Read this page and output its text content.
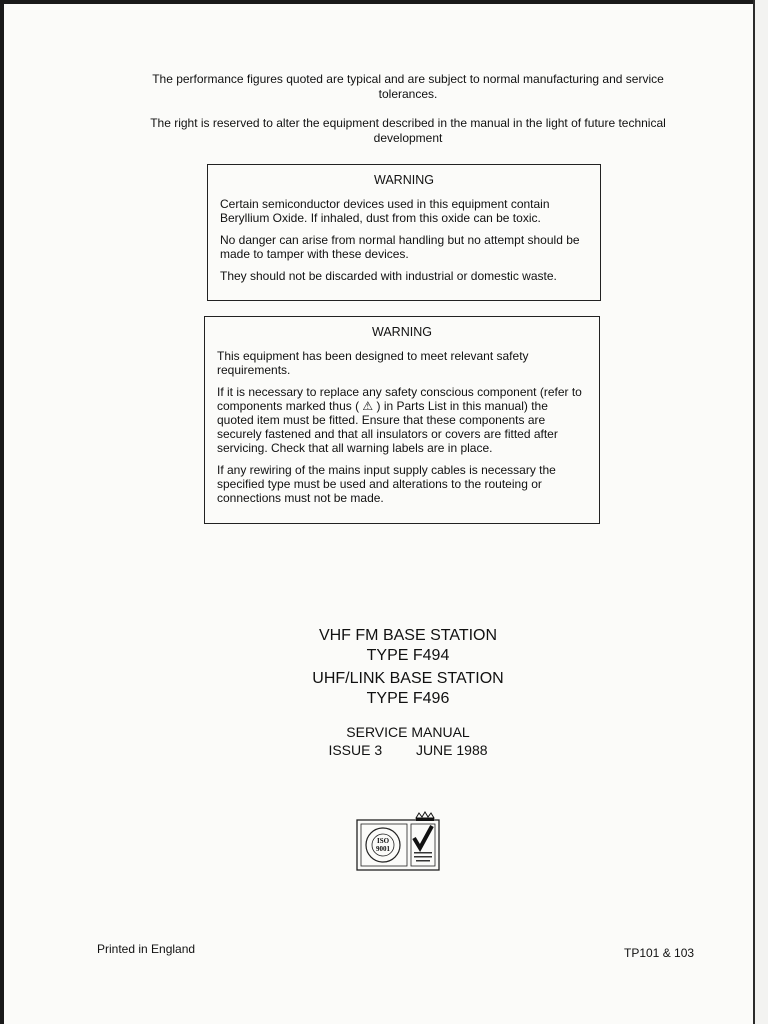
The performance figures quoted are typical and are subject to normal manufacturing and service tolerances.

The right is reserved to alter the equipment described in the manual in the light of future technical development

WARNING

Certain semiconductor devices used in this equipment contain Beryllium Oxide. If inhaled, dust from this oxide can be toxic.

No danger can arise from normal handling but no attempt should be made to tamper with these devices.

They should not be discarded with industrial or domestic waste.

WARNING

This equipment has been designed to meet relevant safety requirements.

If it is necessary to replace any safety conscious component (refer to components marked thus ( ⚠ ) in Parts List in this manual) the quoted item must be fitted. Ensure that these components are securely fastened and that all insulators or covers are fitted after servicing. Check that all warning labels are in place.

If any rewiring of the mains input supply cables is necessary the specified type must be used and alterations to the routeing or connections must not be made.

VHF FM BASE STATION
TYPE F494
UHF/LINK BASE STATION
TYPE F496
SERVICE MANUAL
ISSUE 3 JUNE 1988
ISO
9001
Printed in England	TP101 & 103
